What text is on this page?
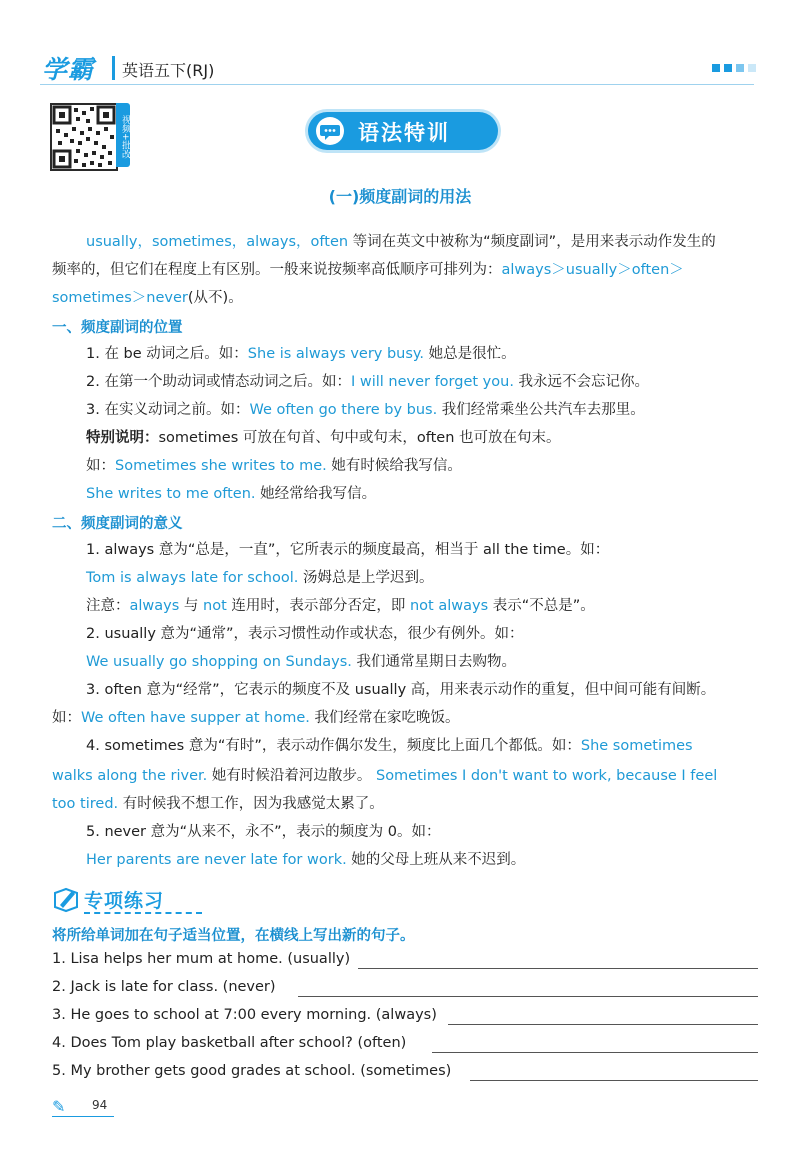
学霸 英语五下(RJ)
视频+批改	语法特训
(一)频度副词的用法
usually，sometimes，always，often 等词在英文中被称为“频度副词”，是用来表示动作发生的
频率的，但它们在程度上有区别。一般来说按频率高低顺序可排列为：always＞usually＞often＞
sometimes＞never(从不)。
一、频度副词的位置
1. 在 be 动词之后。如：She is always very busy. 她总是很忙。
2. 在第一个助动词或情态动词之后。如：I will never forget you. 我永远不会忘记你。
3. 在实义动词之前。如：We often go there by bus. 我们经常乘坐公共汽车去那里。
特别说明：sometimes 可放在句首、句中或句末，often 也可放在句末。
如：Sometimes she writes to me. 她有时候给我写信。
She writes to me often. 她经常给我写信。
二、频度副词的意义
1. always 意为“总是，一直”，它所表示的频度最高，相当于 all the time。如：
Tom is always late for school. 汤姆总是上学迟到。
注意：always 与 not 连用时，表示部分否定，即 not always 表示“不总是”。
2. usually 意为“通常”，表示习惯性动作或状态，很少有例外。如：
We usually go shopping on Sundays. 我们通常星期日去购物。
3. often 意为“经常”，它表示的频度不及 usually 高，用来表示动作的重复，但中间可能有间断。
如：We often have supper at home. 我们经常在家吃晚饭。
4. sometimes 意为“有时”，表示动作偶尔发生，频度比上面几个都低。如：She sometimes
walks along the river. 她有时候沿着河边散步。 Sometimes I don't want to work, because I feel
too tired. 有时候我不想工作，因为我感觉太累了。
5. never 意为“从来不，永不”，表示的频度为 0。如：
Her parents are never late for work. 她的父母上班从来不迟到。
专项练习
将所给单词加在句子适当位置，在横线上写出新的句子。
1. Lisa helps her mum at home. (usually)
2. Jack is late for class. (never)
3. He goes to school at 7:00 every morning. (always)
4. Does Tom play basketball after school? (often)
5. My brother gets good grades at school. (sometimes)
✎ 94
